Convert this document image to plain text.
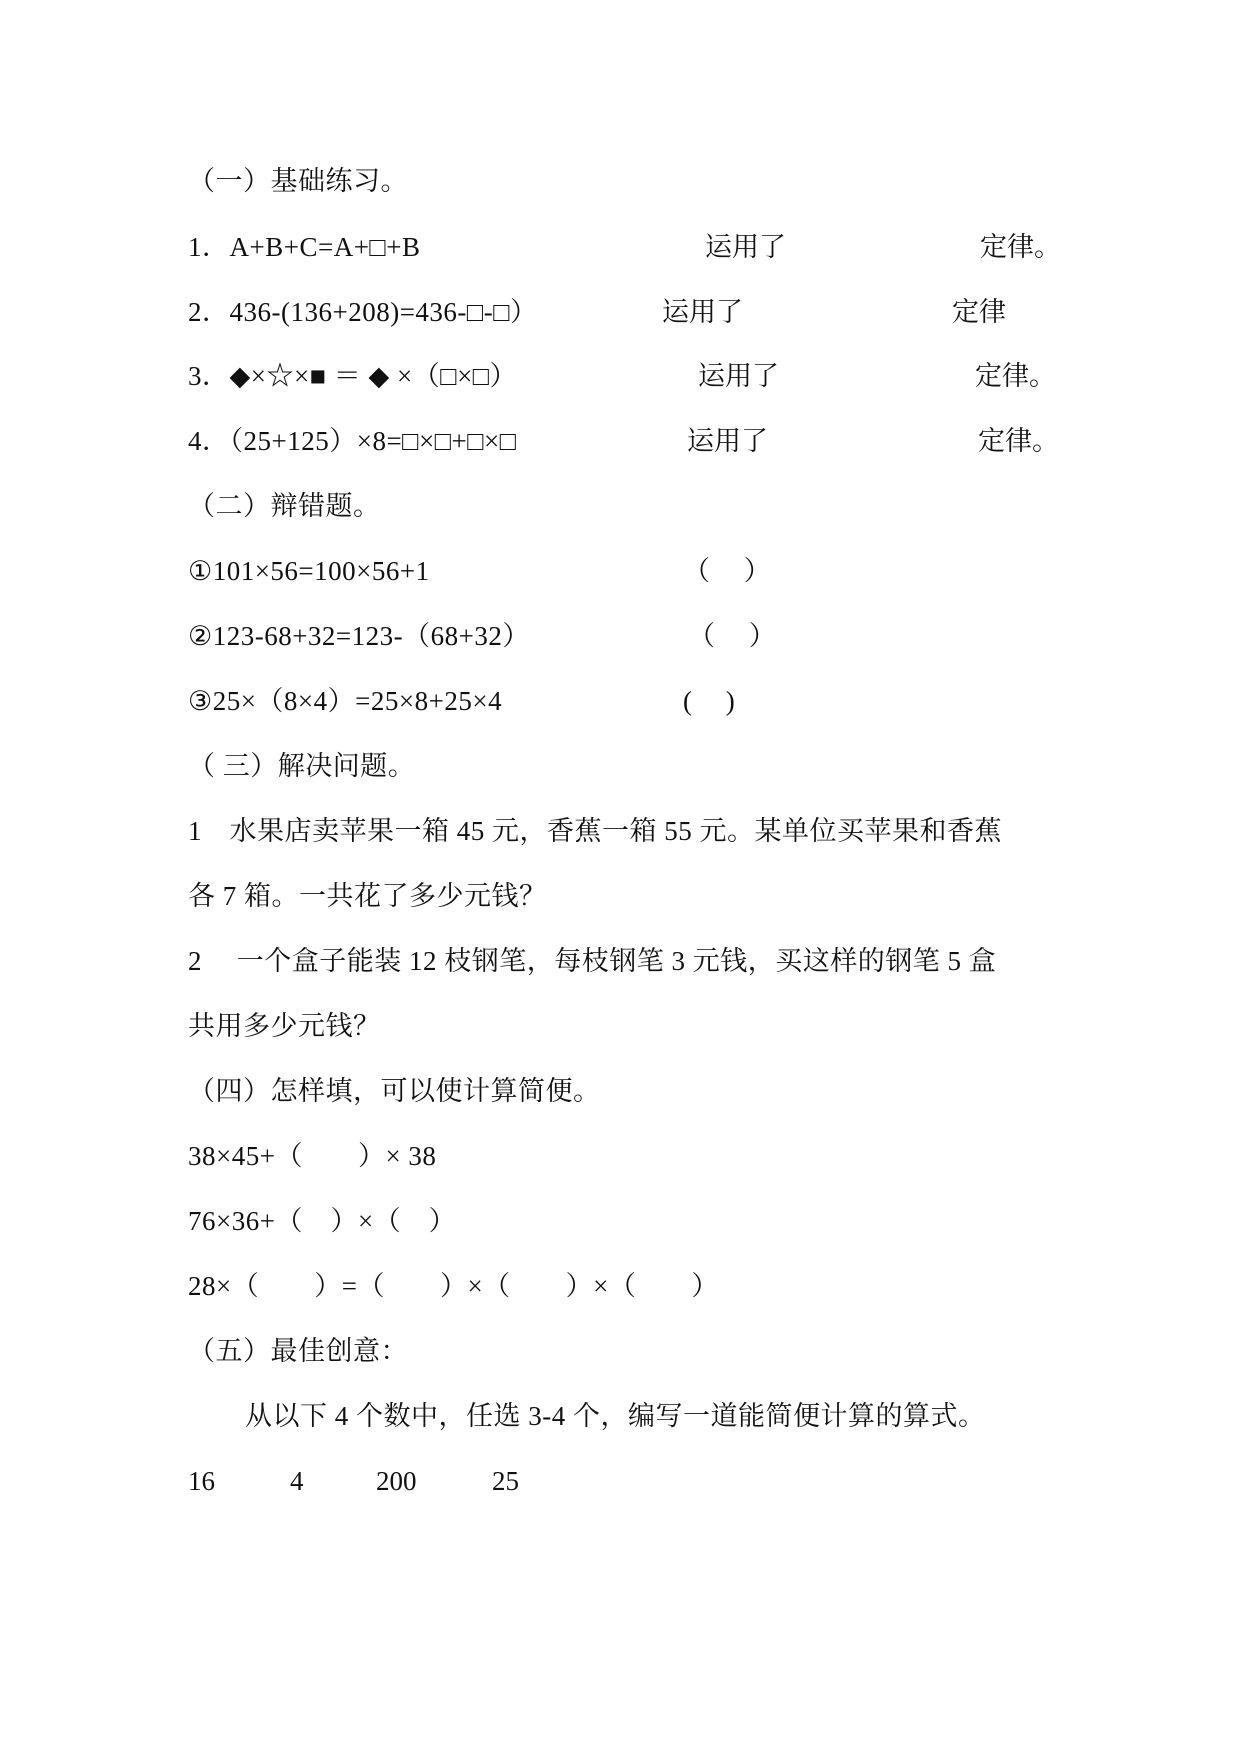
（一）基础练习。
1．A+B+C=A+□+B	运用了	定律。
2．436-(136+208)=436-□-□）	运用了	定律
3．◆×☆×■ ＝ ◆ ×（□×□）	运用了	定律。
4．（25+125）×8=□×□+□×□	运用了	定律。
（二）辩错题。
①101×56=100×56+1	（　 ）
②123-68+32=123-（68+32）	（　 ）
③25×（8×4）=25×8+25×4	(　 )
（ 三）解决问题。
1　水果店卖苹果一箱 45 元，香蕉一箱 55 元。某单位买苹果和香蕉
各 7 箱。一共花了多少元钱？
2　 一个盒子能装 12 枝钢笔，每枝钢笔 3 元钱，买这样的钢笔 5 盒
共用多少元钱？
（四）怎样填，可以使计算简便。
38×45+（　　）× 38
76×36+（　）×（　）
28×（　　）=（　　）×（　　）×（　　）
（五）最佳创意：
从以下 4 个数中，任选 3-4 个，编写一道能简便计算的算式。
16	4	200	25
